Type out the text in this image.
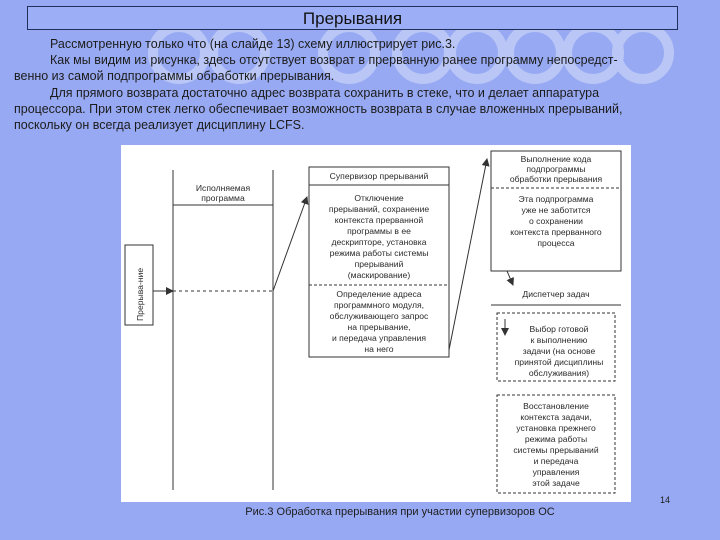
Прерывания

Рассмотренную только что (на слайде 13) схему иллюстрирует рис.3.

Как мы видим из рисунка, здесь отсутствует возврат в прерванную ранее программу непосредст-

венно из самой подпрограммы обработки прерывания.

Для прямого возврата достаточно адрес возврата сохранить в стеке, что и делает аппаратура

процессора. При этом стек легко обеспечивает возможность возврата в случае вложенных прерываний,

поскольку он всегда реализует дисциплину LCFS.

Исполняемая
программа
Прерыва-ние
Супервизор прерываний
Отключение
прерываний, сохранение
контекста прерванной
программы в ее
дескрипторе, установка
режима работы системы
прерываний
(маскирование)
Определение адреса
программного модуля,
обслуживающего запрос
на прерывание,
и передача управления
на него
Выполнение кода
подпрограммы
обработки прерывания
Эта подпрограмма
уже не заботится
о сохранении
контекста прерванного
процесса
Диспетчер задач
Выбор готовой
к выполнению
задачи (на основе
принятой дисциплины
обслуживания)
Восстановление
контекста задачи,
установка прежнего
режима работы
системы прерываний
и передача
управления
этой задаче
14
Рис.3 Обработка прерывания при участии супервизоров ОС
